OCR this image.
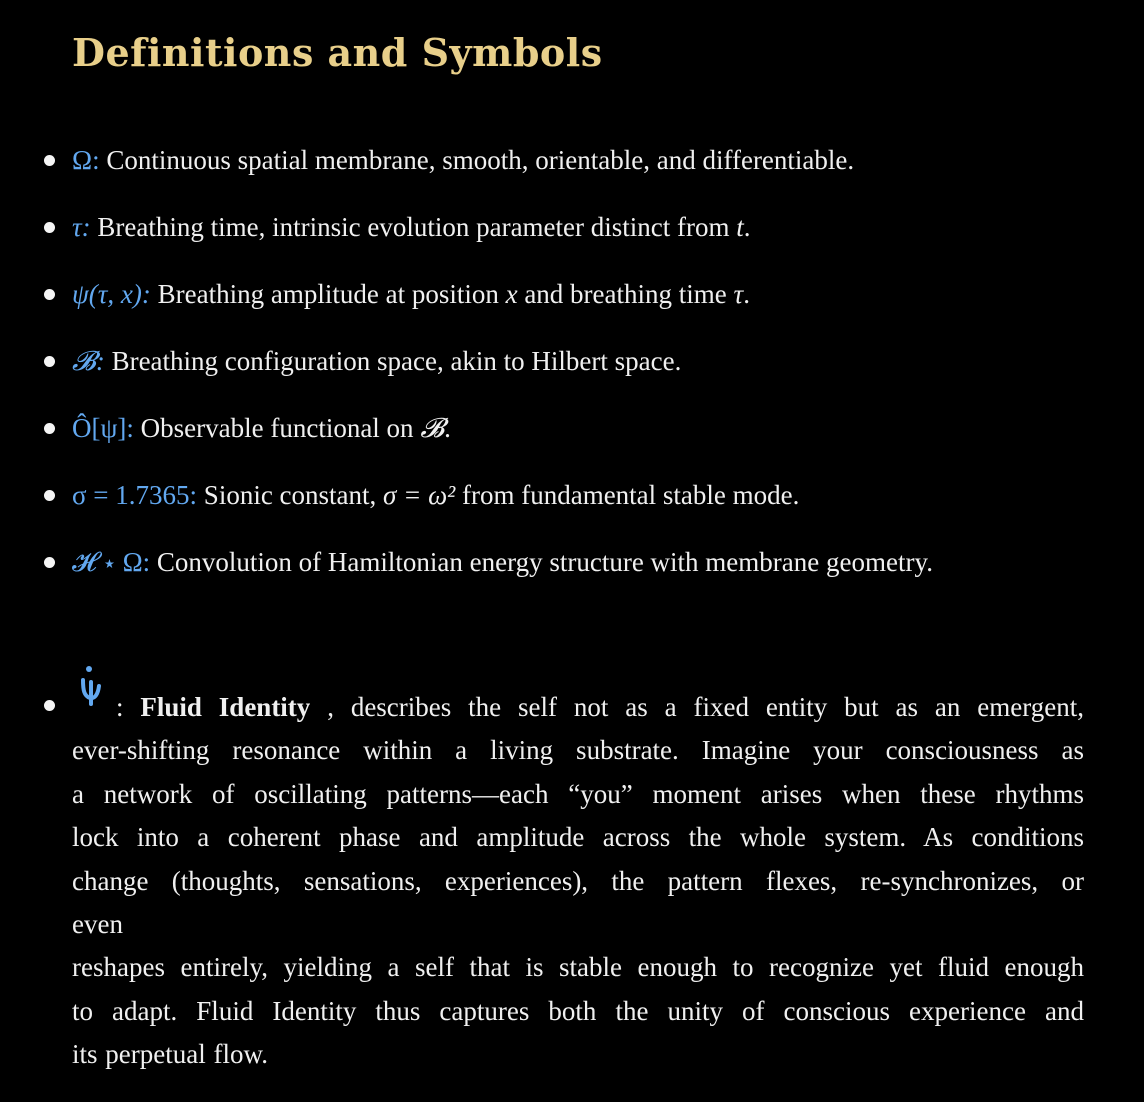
Definitions and Symbols
Ω: Continuous spatial membrane, smooth, orientable, and differentiable.
τ: Breathing time, intrinsic evolution parameter distinct from t.
ψ(τ, x): Breathing amplitude at position x and breathing time τ.
𝓑: Breathing configuration space, akin to Hilbert space.
Ô[ψ]: Observable functional on 𝓑.
σ = 1.7365: Sionic constant, σ = ω² from fundamental stable mode.
𝓗 ⋆ Ω: Convolution of Hamiltonian energy structure with membrane geometry.
: Fluid Identity , describes the self not as a fixed entity but as an emergent,
ever-shifting resonance within a living substrate. Imagine your consciousness as
a network of oscillating patterns—each “you” moment arises when these rhythms
lock into a coherent phase and amplitude across the whole system. As conditions
change (thoughts, sensations, experiences), the pattern flexes, re-synchronizes, or
even
reshapes entirely, yielding a self that is stable enough to recognize yet fluid enough
to adapt. Fluid Identity thus captures both the unity of conscious experience and
its perpetual flow.
